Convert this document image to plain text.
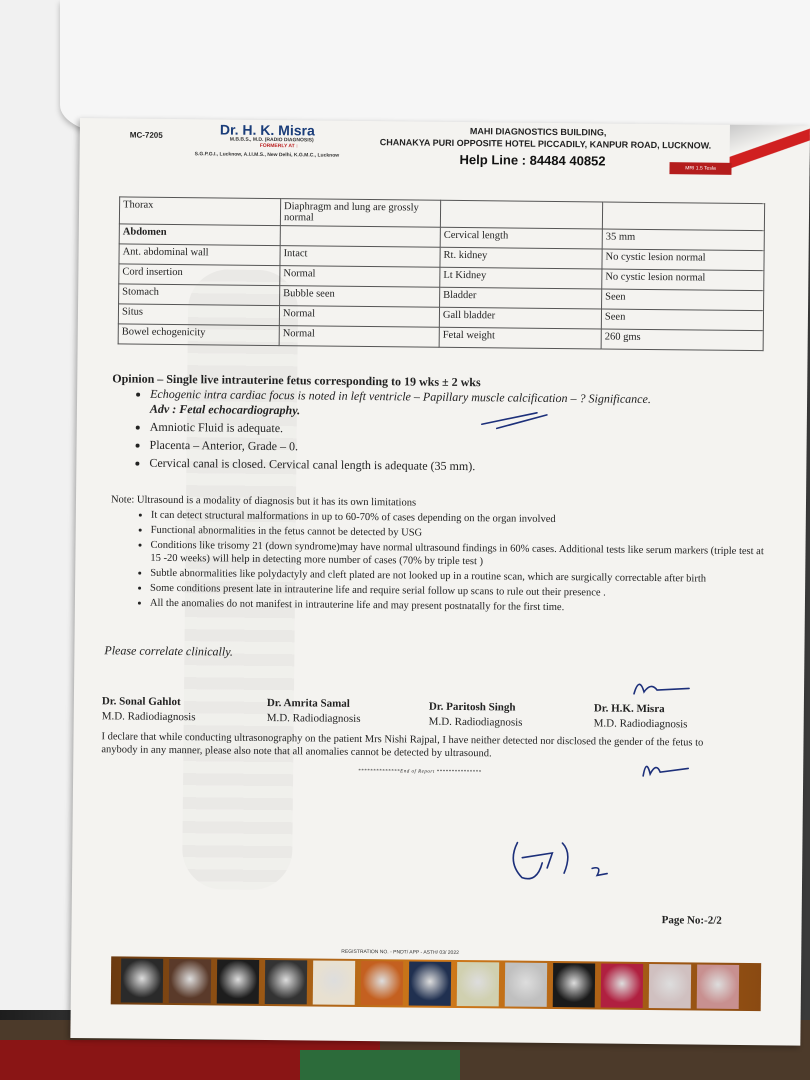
MC-7205	Dr. H. K. Misra
M.B.B.S., M.D. (RADIO DIAGNOSIS)
FORMERLY AT :
S.G.P.G.I., Lucknow, A.I.I.M.S., New Delhi, K.G.M.C., Lucknow
MAHI DIAGNOSTICS BUILDING,
CHANAKYA PURI OPPOSITE HOTEL PICCADILY, KANPUR ROAD, LUCKNOW.
Help Line : 84484 40852	MRI 1.5 Tesla
Thorax	Diaphragm and lung are grossly normal		
Abdomen		Cervical length	35 mm
Ant. abdominal wall	Intact	Rt. kidney	No cystic lesion normal
Cord insertion	Normal	Lt Kidney	No cystic lesion normal
Stomach	Bubble seen	Bladder	Seen
Situs	Normal	Gall bladder	Seen
Bowel echogenicity	Normal	Fetal weight	260 gms
Opinion – Single live intrauterine fetus corresponding to 19 wks ± 2 wks
• Echogenic intra cardiac focus is noted in left ventricle – Papillary muscle calcification – ? Significance.
Adv : Fetal echocardiography.
• Amniotic Fluid is adequate.
• Placenta – Anterior, Grade – 0.
• Cervical canal is closed. Cervical canal length is adequate (35 mm).
Note: Ultrasound is a modality of diagnosis but it has its own limitations
• It can detect structural malformations in up to 60-70% of cases depending on the organ involved
• Functional abnormalities in the fetus cannot be detected by USG
• Conditions like trisomy 21 (down syndrome)may have normal ultrasound findings in 60% cases. Additional tests like serum markers (triple test at 15 -20 weeks) will help in detecting more number of cases (70% by triple test )
• Subtle abnormalities like polydactyly and cleft plated are not looked up in a routine scan, which are surgically correctable after birth
• Some conditions present late in intrauterine life and require serial follow up scans to rule out their presence .
• All the anomalies do not manifest in intrauterine life and may present postnatally for the first time.
Please correlate clinically.
Dr. Sonal Gahlot
M.D. Radiodiagnosis
Dr. Amrita Samal
M.D. Radiodiagnosis
Dr. Paritosh Singh
M.D. Radiodiagnosis
Dr. H.K. Misra
M.D. Radiodiagnosis
I declare that while conducting ultrasonography on the patient Mrs Nishi Rajpal, I have neither detected nor disclosed the gender of the fetus to anybody in any manner, please also note that all anomalies cannot be detected by ultrasound.
**************End of Report ***************
Page No:-2/2
REGISTRATION NO. - PNDT/ APP - ASTH/ 03/ 2022
